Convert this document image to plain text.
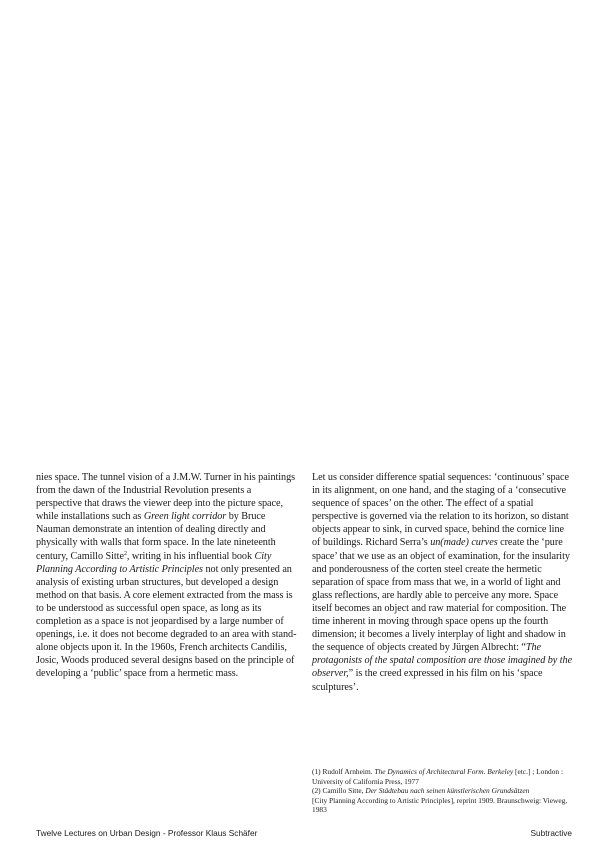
nies space. The tunnel vision of a J.M.W. Turner in his paintings from the dawn of the Industrial Revolution presents a perspective that draws the viewer deep into the picture space, while installations such as Green light corridor by Bruce Nauman demonstrate an intention of dealing directly and physically with walls that form space. In the late nineteenth century, Camillo Sitte$^2$, writing in his influential book City Planning According to Artistic Principles not only presented an analysis of existing urban structures, but developed a design method on that basis. A core element extracted from the mass is to be understood as successful open space, as long as its completion as a space is not jeopardised by a large number of openings, i.e. it does not become degraded to an area with stand-alone objects upon it. In the 1960s, French architects Candilis, Josic, Woods produced several designs based on the principle of developing a ‘public’ space from a hermetic mass.

Let us consider difference spatial sequences: ‘continuous’ space in its alignment, on one hand, and the staging of a ‘consecutive sequence of spaces’ on the other. The effect of a spatial perspective is governed via the relation to its horizon, so distant objects appear to sink, in curved space, behind the cornice line of buildings. Richard Serra’s un(made) curves create the ‘pure space’ that we use as an object of examination, for the insularity and ponderousness of the corten steel create the hermetic separation of space from mass that we, in a world of light and glass reflections, are hardly able to perceive any more. Space itself becomes an object and raw material for composition. The time inherent in moving through space opens up the fourth dimension; it becomes a lively interplay of light and shadow in the sequence of objects created by Jürgen Albrecht: “The protagonists of the spatal composition are those imagined by the observer,” is the creed expressed in his film on his ‘space sculptures’.

(1) Rudolf Arnheim. The Dynamics of Architectural Form. Berkeley [etc.] ; London : University of California Press, 1977

(2) Camillo Sitte, Der Städtebau nach seinen künstlerischen Grundsätzen
[City Planning According to Artistic Principles], reprint 1909. Braunschweig: Vieweg, 1983

Twelve Lectures on Urban Design - Professor Klaus Schäfer	Subtractive
